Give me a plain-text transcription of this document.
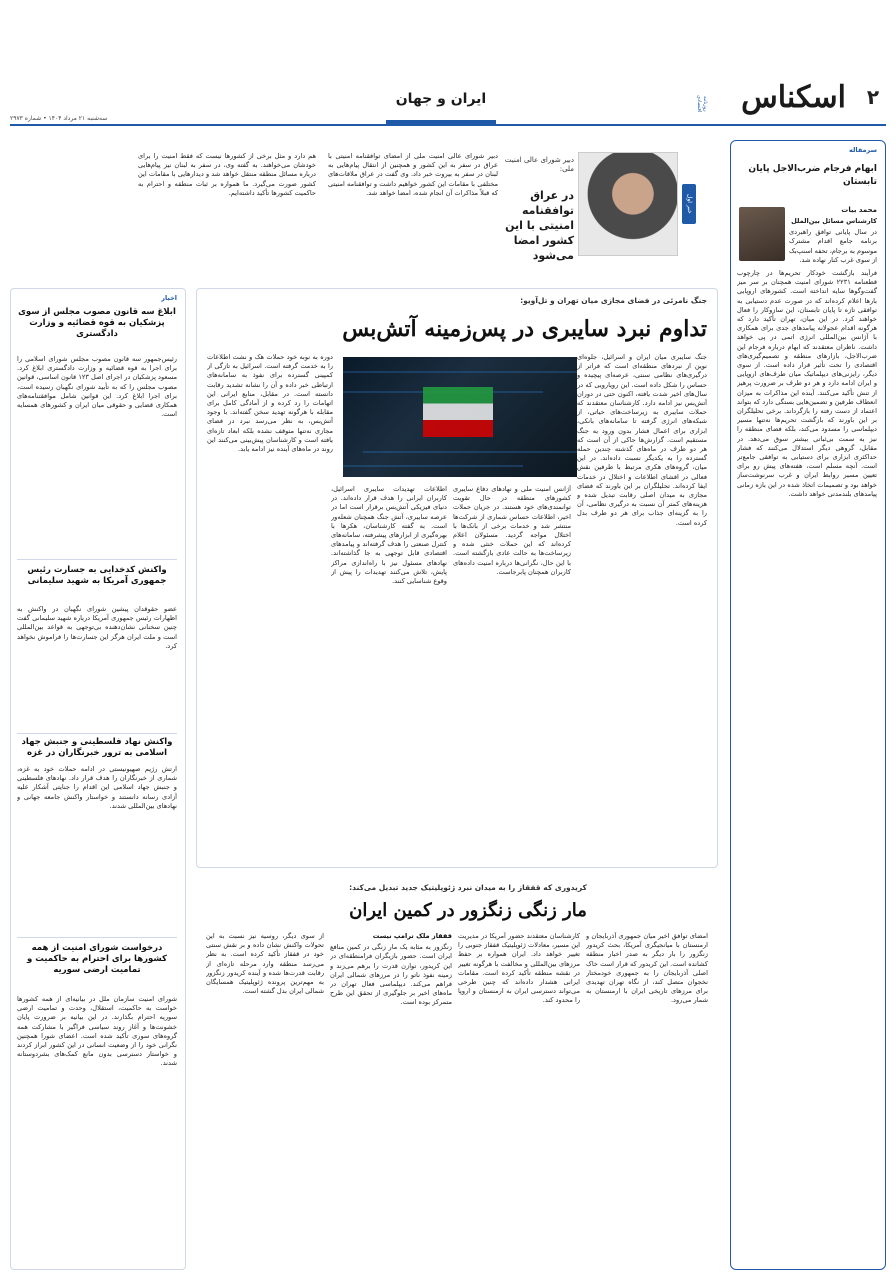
۲
اسکناس
روزنامه اقتصادی
ایران و جهان
سه‌شنبه ۲۱ مرداد ۱۴۰۴ • شماره ۲۹۷۳
سرمقاله
ابهام فرجام ضرب‌الاجل پایان تابستان
محمد بیات

کارشناس مسائل بین‌الملل

در سال پایانی توافق راهبردی برنامه جامع اقدام مشترک موسوم به برجام، تحفه اسنپ‌بک از سوی غرب کنار نهاده شد.

فرآیند بازگشت خودکار تحریم‌ها در چارچوب قطعنامه ۲۲۳۱ شورای امنیت همچنان بر سر میز گفت‌وگوها سایه انداخته است. کشورهای اروپایی بارها اعلام کرده‌اند که در صورت عدم دستیابی به توافقی تازه تا پایان تابستان، این سازوکار را فعال خواهند کرد. در این میان، تهران تأکید دارد که هرگونه اقدام عجولانه پیامدهای جدی برای همکاری با آژانس بین‌المللی انرژی اتمی در پی خواهد داشت. ناظران معتقدند که ابهام درباره فرجام این ضرب‌الاجل، بازارهای منطقه و تصمیم‌گیری‌های اقتصادی را تحت تأثیر قرار داده است. از سوی دیگر، رایزنی‌های دیپلماتیک میان طرف‌های اروپایی و ایران ادامه دارد و هر دو طرف بر ضرورت پرهیز از تنش تأکید می‌کنند. آینده این مذاکرات به میزان انعطاف طرفین و تضمین‌هایی بستگی دارد که بتواند اعتماد از دست رفته را بازگرداند. برخی تحلیلگران بر این باورند که بازگشت تحریم‌ها نه‌تنها مسیر دیپلماسی را مسدود می‌کند، بلکه فضای منطقه را نیز به سمت بی‌ثباتی بیشتر سوق می‌دهد. در مقابل، گروهی دیگر استدلال می‌کنند که فشار حداکثری ابزاری برای دستیابی به توافقی جامع‌تر است. آنچه مسلم است، هفته‌های پیش رو برای تعیین مسیر روابط ایران و غرب سرنوشت‌ساز خواهد بود و تصمیمات اتخاذ شده در این بازه زمانی پیامدهای بلندمدتی خواهد داشت.
خبر اول
دبیر شورای عالی امنیت ملی:
در عراق توافقنامه امنیتی با این کشور امضا می‌شود
دبیر شورای عالی امنیت ملی از امضای توافقنامه امنیتی با عراق در سفر به این کشور و همچنین از انتقال پیام‌هایی به لبنان در سفر به بیروت خبر داد. وی گفت در عراق ملاقات‌های مختلفی با مقامات این کشور خواهیم داشت و توافقنامه امنیتی که قبلاً مذاکرات آن انجام شده، امضا خواهد شد.
هم دارد و مثل برخی از کشورها نیست که فقط امنیت را برای خودشان می‌خواهند. به گفته وی، در سفر به لبنان نیز پیام‌هایی درباره مسائل منطقه منتقل خواهد شد و دیدارهایی با مقامات این کشور صورت می‌گیرد. ما همواره بر ثبات منطقه و احترام به حاکمیت کشورها تأکید داشته‌ایم.
جنگ نامرئی در فضای مجازی میان تهران و تل‌آویو:
تداوم نبرد سایبری در پس‌زمینه آتش‌بس
جنگ سایبری میان ایران و اسرائیل، جلوه‌ای نوین از نبردهای منطقه‌ای است که فراتر از درگیری‌های نظامی سنتی، عرصه‌ای پیچیده و حساس را شکل داده است. این رویارویی که در سال‌های اخیر شدت یافته، اکنون حتی در دوران آتش‌بس نیز ادامه دارد. کارشناسان معتقدند که حملات سایبری به زیرساخت‌های حیاتی، از شبکه‌های انرژی گرفته تا سامانه‌های بانکی، ابزاری برای اعمال فشار بدون ورود به جنگ مستقیم است. گزارش‌ها حاکی از آن است که هر دو طرف در ماه‌های گذشته چندین حمله گسترده را به یکدیگر نسبت داده‌اند. در این میان، گروه‌های هکری مرتبط با طرفین نقش فعالی در افشای اطلاعات و اختلال در خدمات ایفا کرده‌اند. تحلیلگران بر این باورند که فضای مجازی به میدان اصلی رقابت تبدیل شده و هزینه‌های کمتر آن نسبت به درگیری نظامی، آن را به گزینه‌ای جذاب برای هر دو طرف بدل کرده است.
آژانس امنیت ملی و نهادهای دفاع سایبری کشورهای منطقه در حال تقویت توانمندی‌های خود هستند. در جریان حملات اخیر، اطلاعات حساس شماری از شرکت‌ها منتشر شد و خدمات برخی از بانک‌ها با اختلال مواجه گردید. مسئولان اعلام کرده‌اند که این حملات خنثی شده و زیرساخت‌ها به حالت عادی بازگشته است. با این حال، نگرانی‌ها درباره امنیت داده‌های کاربران همچنان پابرجاست.
اطلاعات تهدیدات سایبری اسرائیل، کاربران ایرانی را هدف قرار داده‌اند. در دنیای فیزیکی آتش‌بس برقرار است اما در عرصه سایبری، آتش جنگ همچنان شعله‌ور است. به گفته کارشناسان، هکرها با بهره‌گیری از ابزارهای پیشرفته، سامانه‌های کنترل صنعتی را هدف گرفته‌اند و پیامدهای اقتصادی قابل توجهی به جا گذاشته‌اند. نهادهای مسئول نیز با راه‌اندازی مراکز پایش، تلاش می‌کنند تهدیدات را پیش از وقوع شناسایی کنند.
دوره به نوبه خود حملات هک و نشت اطلاعات را به خدمت گرفته است. اسرائیل به تازگی از کمپینی گسترده برای نفوذ به سامانه‌های ارتباطی خبر داده و آن را نشانه تشدید رقابت دانسته است. در مقابل، منابع ایرانی این اتهامات را رد کرده و از آمادگی کامل برای مقابله با هرگونه تهدید سخن گفته‌اند. با وجود آتش‌بس، به نظر می‌رسد نبرد در فضای مجازی نه‌تنها متوقف نشده بلکه ابعاد تازه‌ای یافته است و کارشناسان پیش‌بینی می‌کنند این روند در ماه‌های آینده نیز ادامه یابد.
اخبار
ابلاغ سه قانون مصوب مجلس از سوی پزشکیان به قوه قضائیه و وزارت دادگستری
رئیس‌جمهور سه قانون مصوب مجلس شورای اسلامی را برای اجرا به قوه قضائیه و وزارت دادگستری ابلاغ کرد. مسعود پزشکیان در اجرای اصل ۱۲۳ قانون اساسی، قوانین مصوب مجلس را که به تأیید شورای نگهبان رسیده است، برای اجرا ابلاغ کرد. این قوانین شامل موافقتنامه‌های همکاری قضایی و حقوقی میان ایران و کشورهای همسایه است.
واکنش کدخدایی به جسارت رئیس جمهوری آمریکا به شهید سلیمانی
عضو حقوقدان پیشین شورای نگهبان در واکنش به اظهارات رئیس جمهوری آمریکا درباره شهید سلیمانی گفت چنین سخنانی نشان‌دهنده بی‌توجهی به قواعد بین‌المللی است و ملت ایران هرگز این جسارت‌ها را فراموش نخواهد کرد.
واکنش نهاد فلسطینی و جنبش جهاد اسلامی به ترور خبرنگاران در غزه
ارتش رژیم صهیونیستی در ادامه حملات خود به غزه، شماری از خبرنگاران را هدف قرار داد. نهادهای فلسطینی و جنبش جهاد اسلامی این اقدام را جنایتی آشکار علیه آزادی رسانه دانستند و خواستار واکنش جامعه جهانی و نهادهای بین‌المللی شدند.
درخواست شورای امنیت از همه کشورها برای احترام به حاکمیت و تمامیت ارضی سوریه
شورای امنیت سازمان ملل در بیانیه‌ای از همه کشورها خواست به حاکمیت، استقلال، وحدت و تمامیت ارضی سوریه احترام بگذارند. در این بیانیه بر ضرورت پایان خشونت‌ها و آغاز روند سیاسی فراگیر با مشارکت همه گروه‌های سوری تأکید شده است. اعضای شورا همچنین نگرانی خود را از وضعیت انسانی در این کشور ابراز کردند و خواستار دسترسی بدون مانع کمک‌های بشردوستانه شدند.
کریدوری که قفقاز را به میدان نبرد ژئوپلیتیک جدید تبدیل می‌کند:
مار زنگی زنگزور در کمین ایران
امضای توافق اخیر میان جمهوری آذربایجان و ارمنستان با میانجیگری آمریکا، بحث کریدور زنگزور را بار دیگر به صدر اخبار منطقه کشانده است. این کریدور که قرار است خاک اصلی آذربایجان را به جمهوری خودمختار نخجوان متصل کند، از نگاه تهران تهدیدی برای مرزهای تاریخی ایران با ارمنستان به شمار می‌رود.

کارشناسان معتقدند حضور آمریکا در مدیریت این مسیر، معادلات ژئوپلیتیک قفقاز جنوبی را تغییر خواهد داد. ایران همواره بر حفظ مرزهای بین‌المللی و مخالفت با هرگونه تغییر در نقشه منطقه تأکید کرده است. مقامات ایرانی هشدار داده‌اند که چنین طرحی می‌تواند دسترسی ایران به ارمنستان و اروپا را محدود کند.

قفقاز ملک ترامپ نیست

زنگزور به مثابه یک مار زنگی در کمین منافع ایران است. حضور بازیگران فرامنطقه‌ای در این کریدور، توازن قدرت را برهم می‌زند و زمینه نفوذ ناتو را در مرزهای شمالی ایران فراهم می‌کند. دیپلماسی فعال تهران در ماه‌های اخیر بر جلوگیری از تحقق این طرح متمرکز بوده است.

از سوی دیگر، روسیه نیز نسبت به این تحولات واکنش نشان داده و بر نقش سنتی خود در قفقاز تأکید کرده است. به نظر می‌رسد منطقه وارد مرحله تازه‌ای از رقابت قدرت‌ها شده و آینده کریدور زنگزور به مهم‌ترین پرونده ژئوپلیتیک همسایگان شمالی ایران بدل گشته است.
